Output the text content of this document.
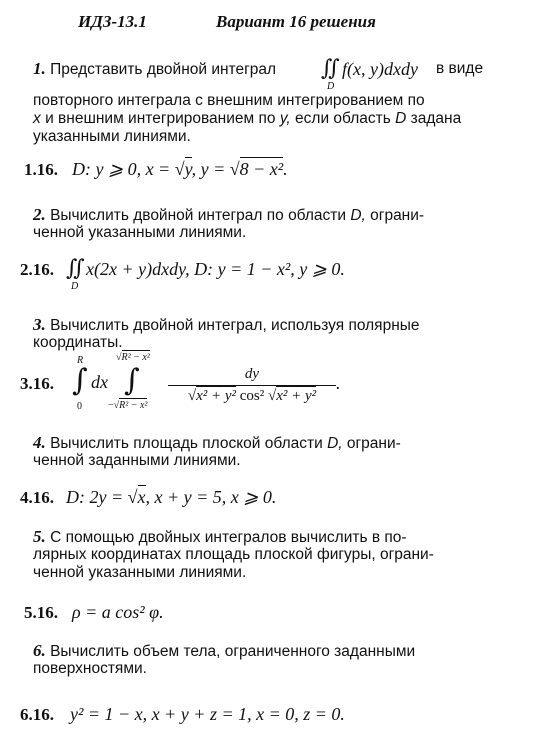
ИДЗ-13.1	Вариант 16 решения
1. Представить двойной интеграл ∬ f(x, y)dxdy в виде
D
повторного интеграла с внешним интегрированием по
x и внешним интегрированием по y, если область D задана
указанными линиями.
1.16. D: y ⩾ 0, x = √y, y = √8 − x².
2. Вычислить двойной интеграл по области D, ограни-
ченной указанными линиями.
2.16. ∬ x(2x + y)dxdy, D: y = 1 − x², y ⩾ 0.
D
3. Вычислить двойной интеграл, используя полярные
координаты.
3.16.
R
∫
0
dx
√R² − x²
∫
−√R² − x²
$\frac{dy}{\text{√x² + y² cos² √x² + y²}}$ .
4. Вычислить площадь плоской области D, ограни-
ченной заданными линиями.
4.16. D: 2y = √x, x + y = 5, x ⩾ 0.
5. С помощью двойных интегралов вычислить в по-
лярных координатах площадь плоской фигуры, ограни-
ченной указанными линиями.
5.16. ρ = a cos² φ.
6. Вычислить объем тела, ограниченного заданными
поверхностями.
6.16. y² = 1 − x, x + y + z = 1, x = 0, z = 0.
